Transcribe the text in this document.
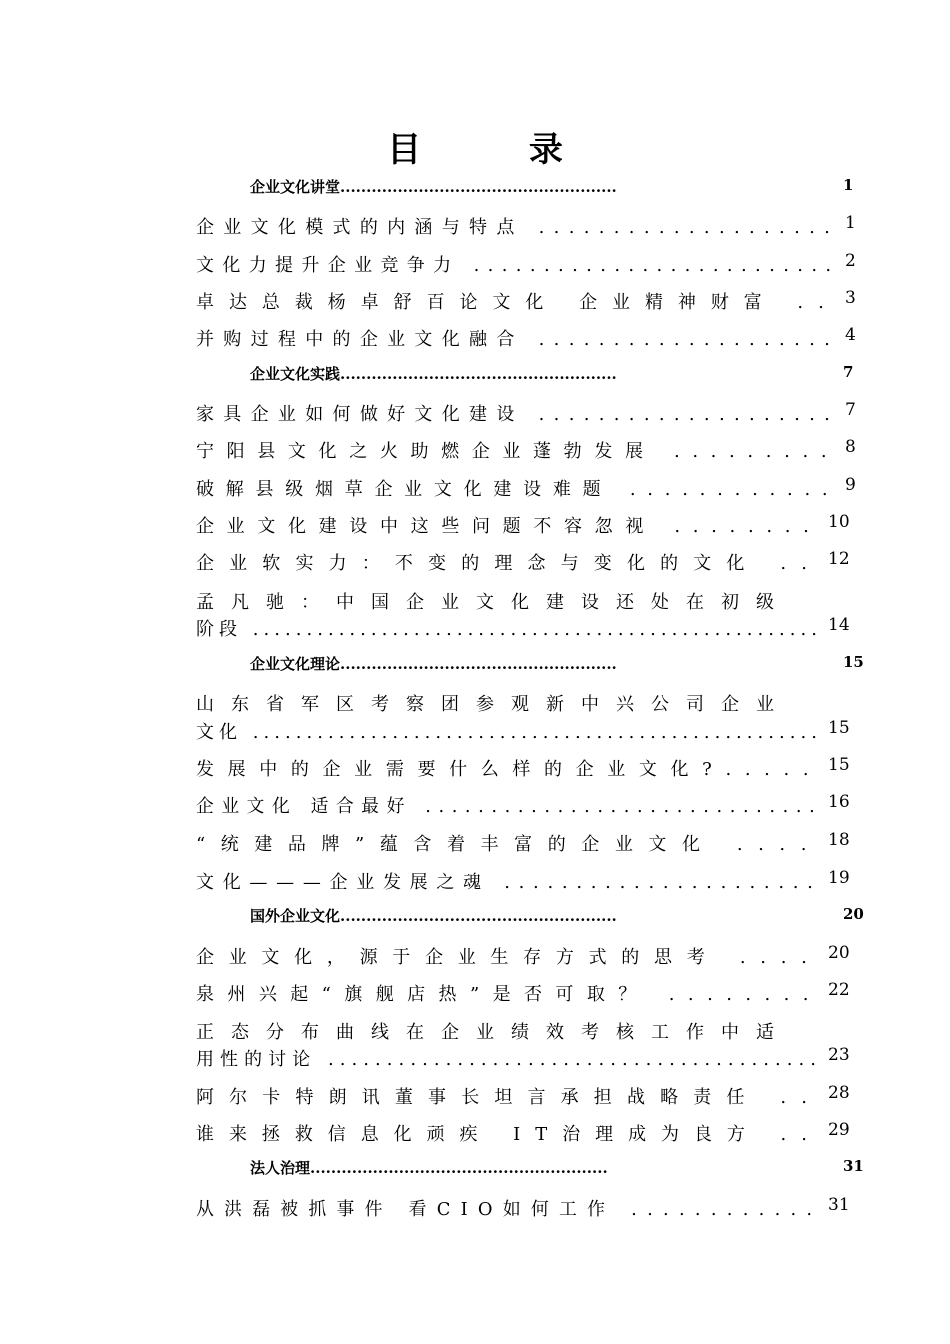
目 录
企业文化讲堂.....................................................	1
企业文化模式的内涵与特点 .................... 1
文化力提升企业竞争力 .......................... 2
卓达总裁杨卓舒百论文化 企业精神财富 .. 3
并购过程中的企业文化融合 .................... 4
企业文化实践.....................................................	7
家具企业如何做好文化建设 .................... 7
宁阳县文化之火助燃企业蓬勃发展 ......... 8
破解县级烟草企业文化建设难题 ............ 9
企业文化建设中这些问题不容忽视 ........ 10
企业软实力：不变的理念与变化的文化 .. 12
孟凡驰：中国企业文化建设还处在初级
阶段 ..................................................... 14
企业文化理论.....................................................	15
山东省军区考察团参观新中兴公司企业
文化 ..................................................... 15
发展中的企业需要什么样的企业文化?..... 15
企业文化 适合最好 .............................. 16
“统建品牌”蕴含着丰富的企业文化 .... 18
文化———企业发展之魂 ...................... 19
国外企业文化.....................................................	20
企业文化，源于企业生存方式的思考 .... 20
泉州兴起“旗舰店热”是否可取？ ........ 22
正态分布曲线在企业绩效考核工作中适
用性的讨论 .......................................... 23
阿尔卡特朗讯董事长坦言承担战略责任 .. 28
谁来拯救信息化顽疾 IT治理成为良方 .. 29
法人治理.........................................................	31
从洪磊被抓事件 看CIO如何工作 ............ 31
